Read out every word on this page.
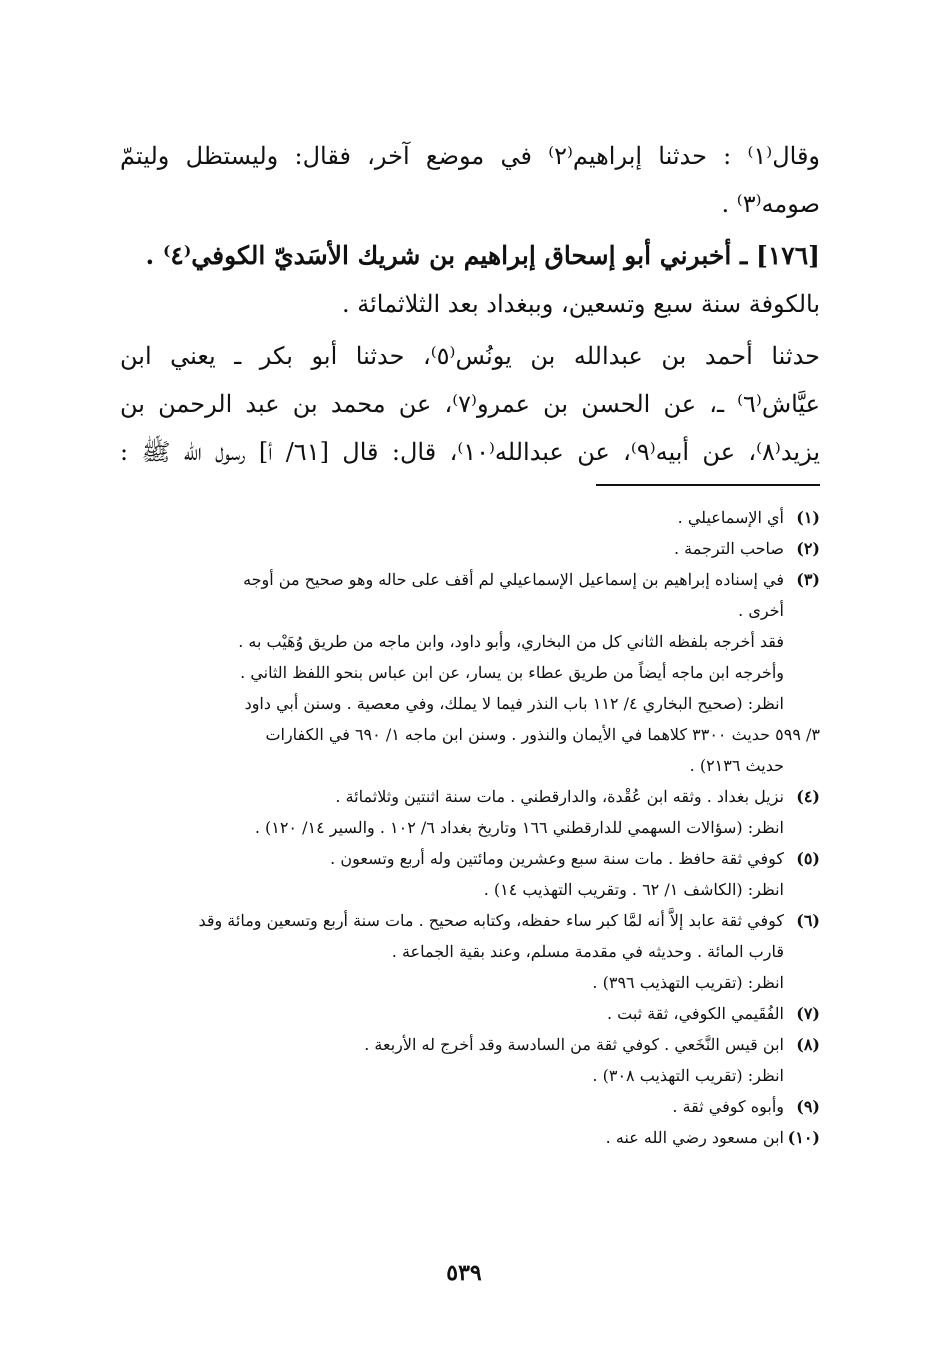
وقال⁽١⁾ : حدثنا إبراهيم⁽٢⁾ في موضع آخر، فقال: وليستظل وليتمّ
صومه⁽٣⁾ .
[١٧٦] ـ أخبرني أبو إسحاق إبراهيم بن شريك الأسَديّ الكوفي⁽٤⁾ .
بالكوفة سنة سبع وتسعين، وببغداد بعد الثلاثمائة .
حدثنا أحمد بن عبدالله بن يونُس⁽٥⁾، حدثنا أبو بكر ـ يعني ابن
عيَّاش⁽٦⁾ ـ، عن الحسن بن عمرو⁽٧⁾، عن محمد بن عبد الرحمن بن
يزيد⁽٨⁾، عن أبيه⁽٩⁾، عن عبدالله⁽١٠⁾، قال: قال [٦١/ أ] رسول الله ﷺ :
(١)أي الإسماعيلي .
(٢)صاحب الترجمة .
(٣)في إسناده إبراهيم بن إسماعيل الإسماعيلي لم أقف على حاله وهو صحيح من أوجه
أخرى .
فقد أخرجه بلفظه الثاني كل من البخاري، وأبو داود، وابن ماجه من طريق وُهَيْب به .
وأخرجه ابن ماجه أيضاً من طريق عطاء بن يسار، عن ابن عباس بنحو اللفظ الثاني .
انظر: (صحيح البخاري ٤/ ١١٢ باب النذر فيما لا يملك، وفي معصية . وسنن أبي داود
٣/ ٥٩٩ حديث ٣٣٠٠ كلاهما في الأيمان والنذور . وسنن ابن ماجه ١/ ٦٩٠ في الكفارات
حديث ٢١٣٦) .
(٤)نزيل بغداد . وثقه ابن عُقْدة، والدارقطني . مات سنة اثنتين وثلاثمائة .
انظر: (سؤالات السهمي للدارقطني ١٦٦ وتاريخ بغداد ٦/ ١٠٢ . والسير ١٤/ ١٢٠) .
(٥)كوفي ثقة حافظ . مات سنة سبع وعشرين ومائتين وله أربع وتسعون .
انظر: (الكاشف ١/ ٦٢ . وتقريب التهذيب ١٤) .
(٦)كوفي ثقة عابد إلاَّ أنه لمَّا كبر ساء حفظه، وكتابه صحيح . مات سنة أربع وتسعين ومائة وقد
قارب المائة . وحديثه في مقدمة مسلم، وعند بقية الجماعة .
انظر: (تقريب التهذيب ٣٩٦) .
(٧)الفُقَيمي الكوفي، ثقة ثبت .
(٨)ابن قيس النَّخَعي . كوفي ثقة من السادسة وقد أخرج له الأربعة .
انظر: (تقريب التهذيب ٣٠٨) .
(٩)وأبوه كوفي ثقة .
(١٠)ابن مسعود رضي الله عنه .
٥٣٩
